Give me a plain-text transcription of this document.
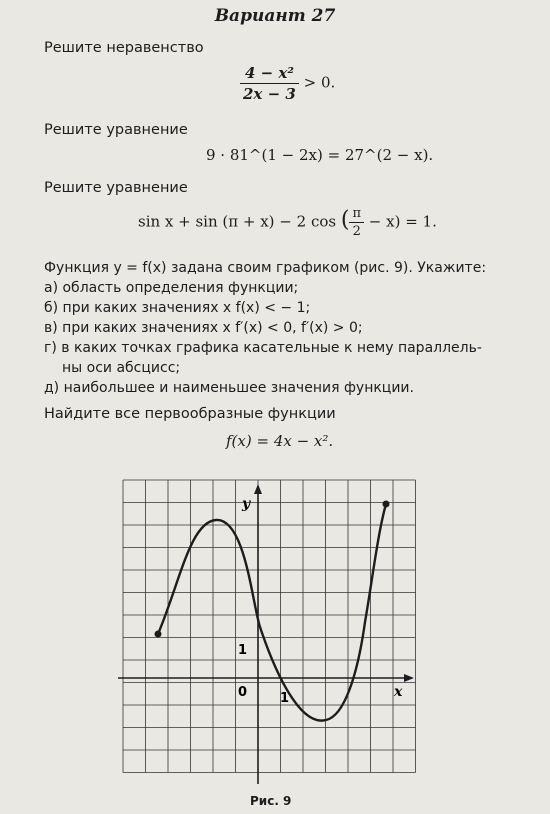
Вариант 27
Решите неравенство
$\frac{\text{4 − x²}}{2x - 3} > 0$.
Решите уравнение
9 · 81^(1 − 2x) = 27^(2 − x).
Решите уравнение
sin x + sin (π + x) − 2 cos ( $\frac{\pi}{2} - x) = 1$.
Функция y = f(x) задана своим графиком (рис. 9). Укажите:
а) область определения функции;
б) при каких значениях x f(x) < − 1;
в) при каких значениях x f′(x) < 0, f′(x) > 0;
г) в каких точках графика касательные к нему параллель-
ны оси абсцисс;
д) наибольшее и наименьшее значения функции.
Найдите все первообразные функции
f(x) = 4x − x².
y
x
0	1
1
Рис. 9
